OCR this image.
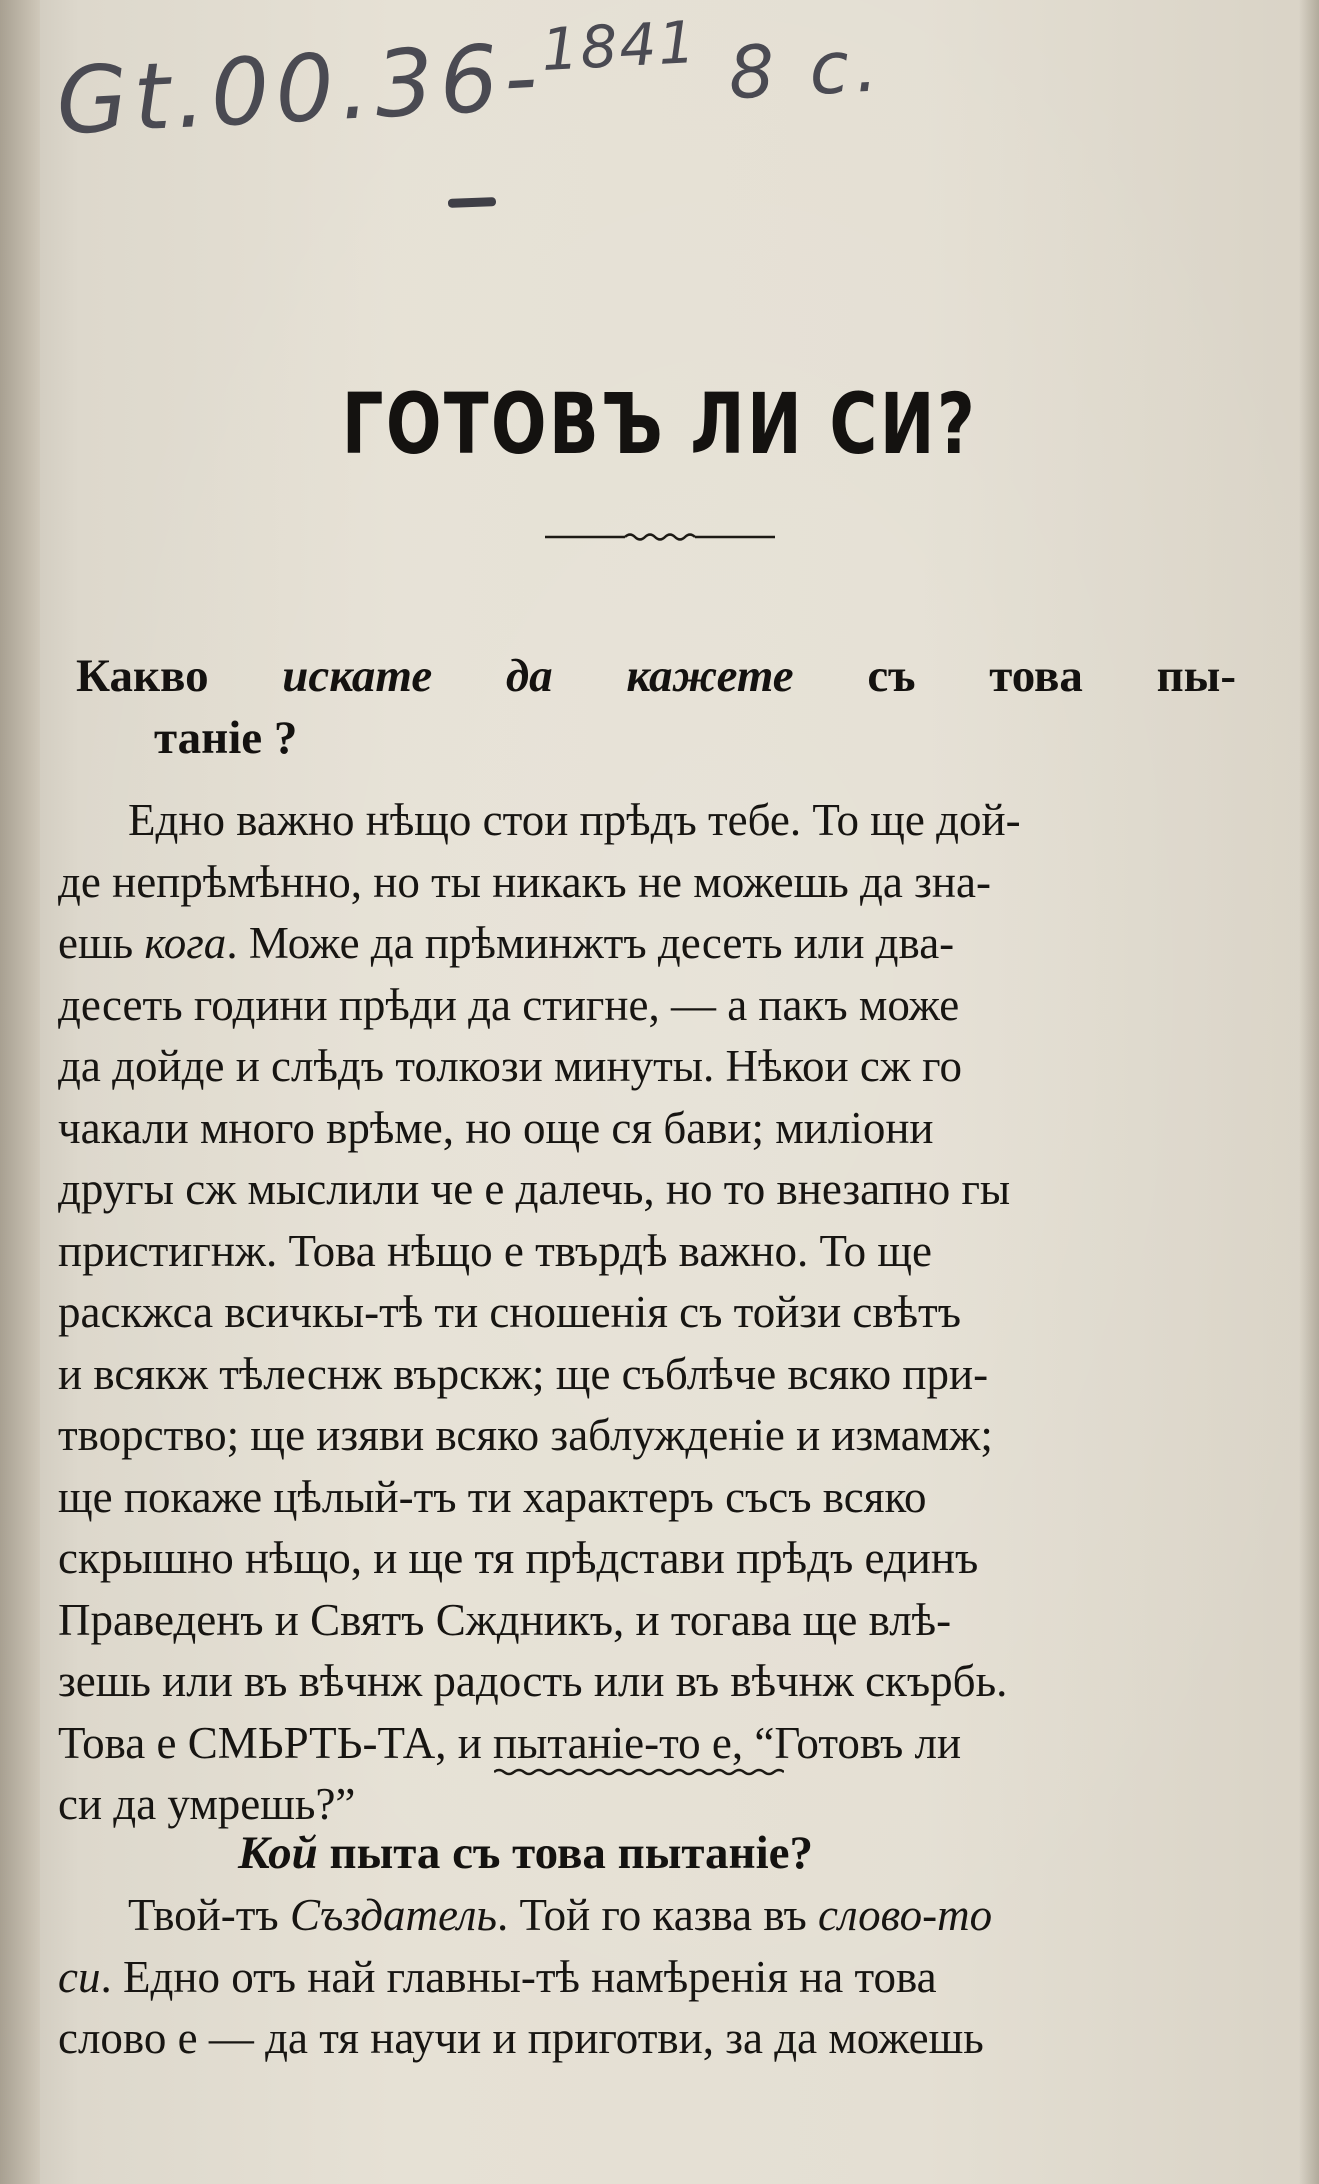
Gt.00.36-$^{1841}$ 8 c.
ГОТОВЪ ЛИ СИ?
Какво искате да кажете съ това пы-
таніе ?
Едно важно нѣщо стои прѣдъ тебе. То ще дой-
де непрѣмѣнно, но ты никакъ не можешь да зна-
ешь кога. Може да прѣминжтъ десеть или два-
десеть години прѣди да стигне, — а пакъ може
да дойде и слѣдъ толкози минуты. Нѣкои сж го
чакали много врѣме, но още ся бави; миліони
другы сж мыслили че е далечь, но то внезапно гы
пристигнж. Това нѣщо е твърдѣ важно. То ще
раскжса всичкы-тѣ ти сношенія съ тойзи свѣтъ
и всякж тѣлеснж върскж; ще съблѣче всяко при-
творство; ще изяви всяко заблужденіе и измамж;
ще покаже цѣлый-тъ ти характеръ съсъ всяко
скрышно нѣщо, и ще тя прѣдстави прѣдъ единъ
Праведенъ и Святъ Сждникъ, и тогава ще влѣ-
зешь или въ вѣчнж радость или въ вѣчнж скърбь.
Това е СМЬРТЬ-ТА, и пытаніе-то е, “Готовъ ли
си да умрешь?”
Кой пыта съ това пытаніе?
Твой-тъ Създатель. Той го казва въ слово-то
си. Едно отъ най главны-тѣ намѣренія на това
слово е — да тя научи и приготви, за да можешь
